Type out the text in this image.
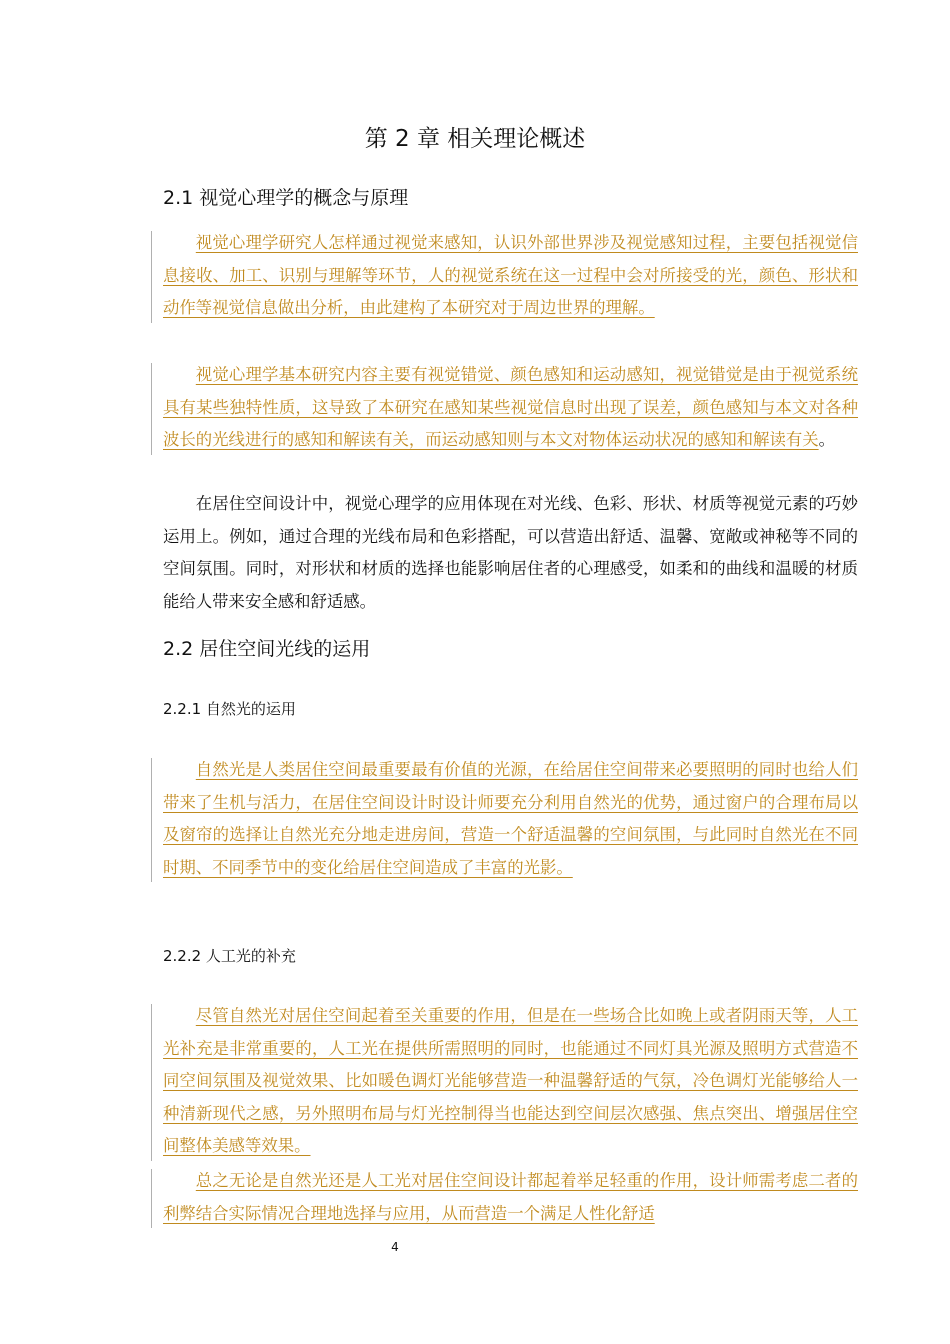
第 2 章 相关理论概述
2.1 视觉心理学的概念与原理

视觉心理学研究人怎样通过视觉来感知，认识外部世界涉及视觉感知过程，主要包括视觉信息接收、加工、识别与理解等环节，人的视觉系统在这一过程中会对所接受的光，颜色、形状和动作等视觉信息做出分析，由此建构了本研究对于周边世界的理解。

视觉心理学基本研究内容主要有视觉错觉、颜色感知和运动感知，视觉错觉是由于视觉系统具有某些独特性质，这导致了本研究在感知某些视觉信息时出现了误差，颜色感知与本文对各种波长的光线进行的感知和解读有关，而运动感知则与本文对物体运动状况的感知和解读有关。

在居住空间设计中，视觉心理学的应用体现在对光线、色彩、形状、材质等视觉元素的巧妙运用上。例如，通过合理的光线布局和色彩搭配，可以营造出舒适、温馨、宽敞或神秘等不同的空间氛围。同时，对形状和材质的选择也能影响居住者的心理感受，如柔和的曲线和温暖的材质能给人带来安全感和舒适感。

2.2 居住空间光线的运用
2.2.1 自然光的运用

自然光是人类居住空间最重要最有价值的光源，在给居住空间带来必要照明的同时也给人们带来了生机与活力，在居住空间设计时设计师要充分利用自然光的优势，通过窗户的合理布局以及窗帘的选择让自然光充分地走进房间，营造一个舒适温馨的空间氛围，与此同时自然光在不同时期、不同季节中的变化给居住空间造成了丰富的光影。

2.2.2 人工光的补充

尽管自然光对居住空间起着至关重要的作用，但是在一些场合比如晚上或者阴雨天等，人工光补充是非常重要的，人工光在提供所需照明的同时，也能通过不同灯具光源及照明方式营造不同空间氛围及视觉效果、比如暖色调灯光能够营造一种温馨舒适的气氛，冷色调灯光能够给人一种清新现代之感，另外照明布局与灯光控制得当也能达到空间层次感强、焦点突出、增强居住空间整体美感等效果。

总之无论是自然光还是人工光对居住空间设计都起着举足轻重的作用，设计师需考虑二者的利弊结合实际情况合理地选择与应用，从而营造一个满足人性化舒适

4
